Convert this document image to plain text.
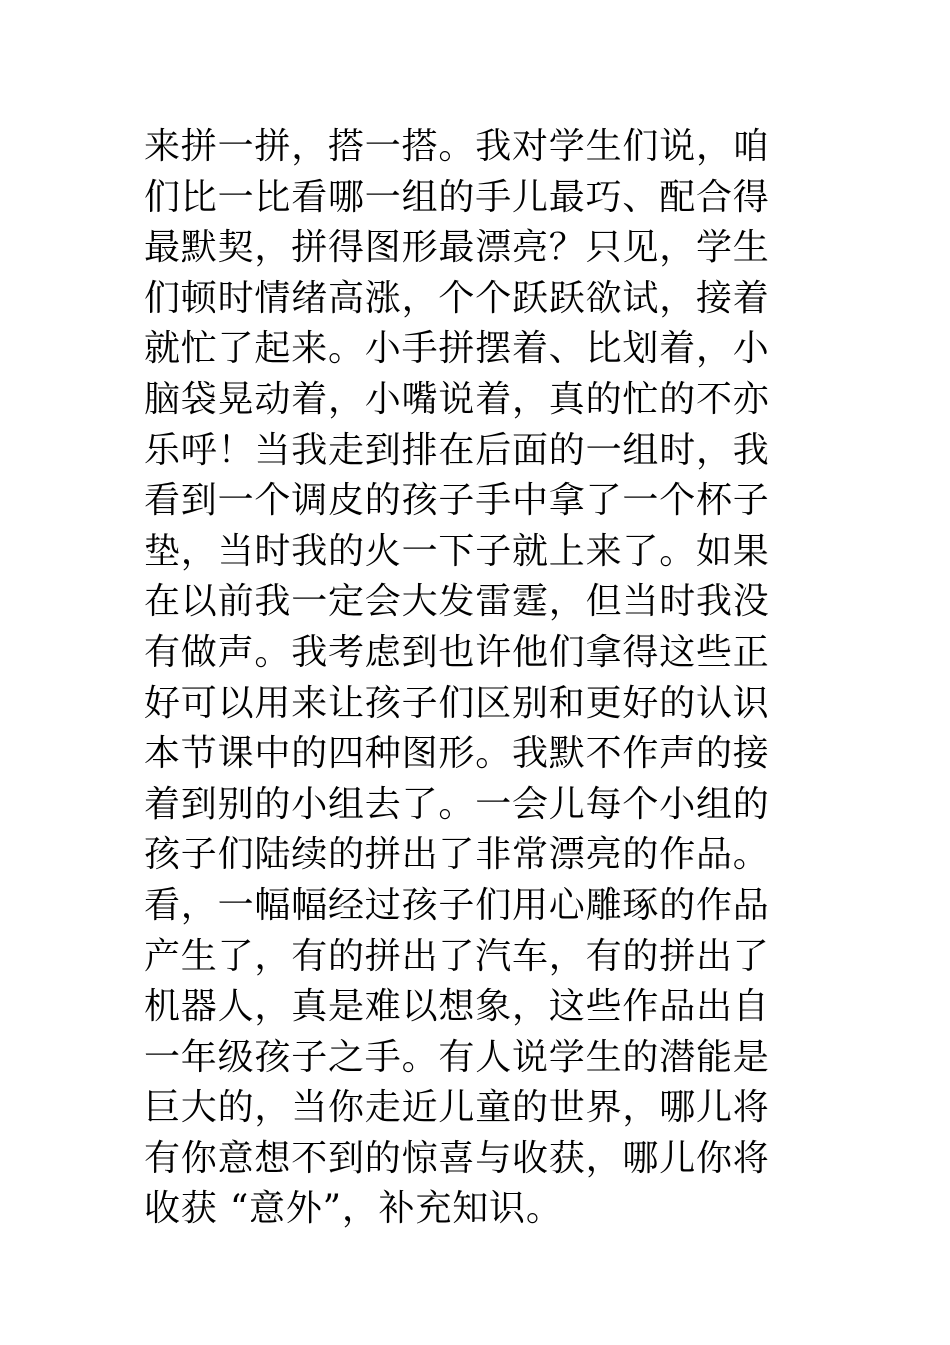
来拼一拼，搭一搭。我对学生们说，咱
们比一比看哪一组的手儿最巧、配合得
最默契，拼得图形最漂亮？只见，学生
们顿时情绪高涨，个个跃跃欲试，接着
就忙了起来。小手拼摆着、比划着，小
脑袋晃动着，小嘴说着，真的忙的不亦
乐呼！当我走到排在后面的一组时，我
看到一个调皮的孩子手中拿了一个杯子
垫，当时我的火一下子就上来了。如果
在以前我一定会大发雷霆，但当时我没
有做声。我考虑到也许他们拿得这些正
好可以用来让孩子们区别和更好的认识
本节课中的四种图形。我默不作声的接
着到别的小组去了。一会儿每个小组的
孩子们陆续的拼出了非常漂亮的作品。
看，一幅幅经过孩子们用心雕琢的作品
产生了，有的拼出了汽车，有的拼出了
机器人，真是难以想象，这些作品出自
一年级孩子之手。有人说学生的潜能是
巨大的，当你走近儿童的世界，哪儿将
有你意想不到的惊喜与收获，哪儿你将
收获 “意外”，补充知识。
